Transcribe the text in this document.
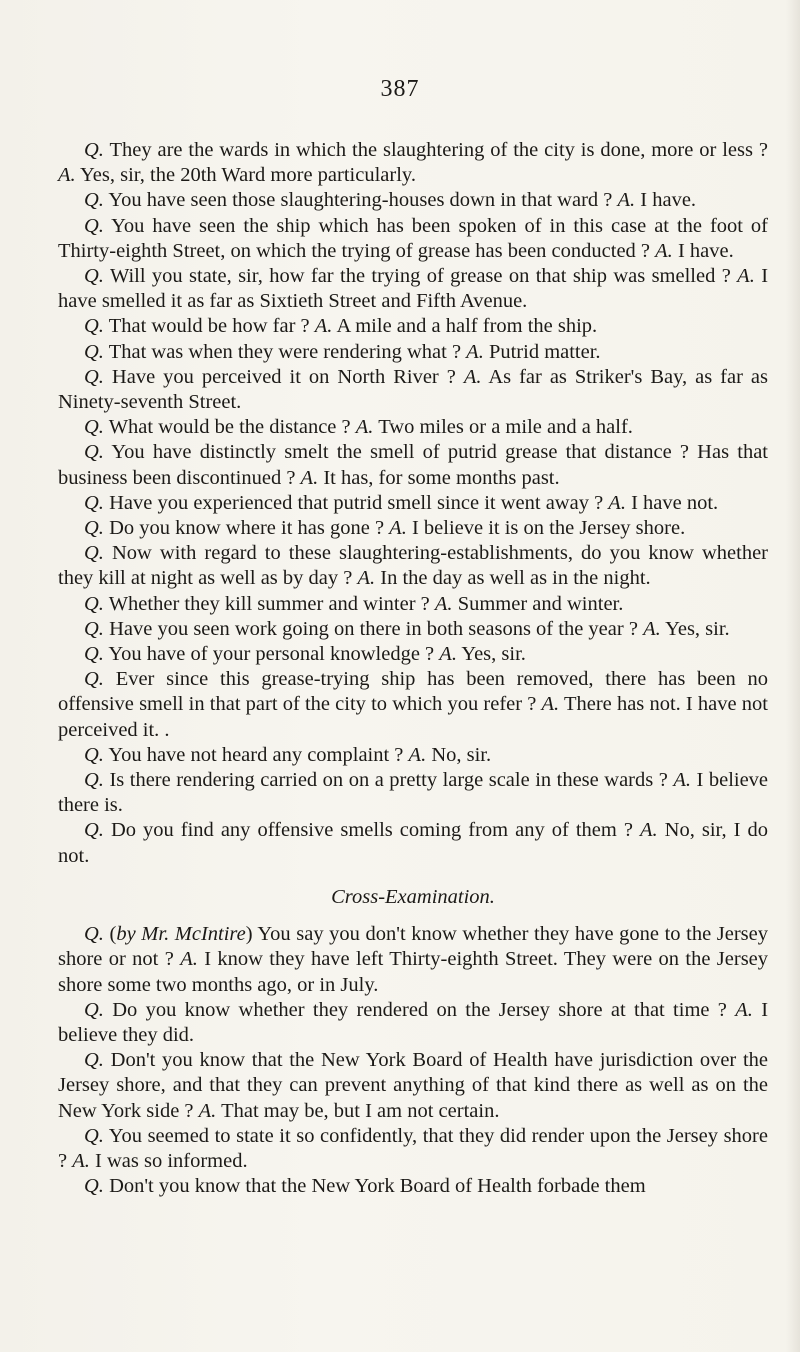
387

Q. They are the wards in which the slaughtering of the city is done, more or less ? A. Yes, sir, the 20th Ward more particularly.

Q. You have seen those slaughtering-houses down in that ward ? A. I have.

Q. You have seen the ship which has been spoken of in this case at the foot of Thirty-eighth Street, on which the trying of grease has been conducted ? A. I have.

Q. Will you state, sir, how far the trying of grease on that ship was smelled ? A. I have smelled it as far as Sixtieth Street and Fifth Avenue.

Q. That would be how far ? A. A mile and a half from the ship.

Q. That was when they were rendering what ? A. Putrid matter.

Q. Have you perceived it on North River ? A. As far as Striker's Bay, as far as Ninety-seventh Street.

Q. What would be the distance ? A. Two miles or a mile and a half.

Q. You have distinctly smelt the smell of putrid grease that distance ? Has that business been discontinued ? A. It has, for some months past.

Q. Have you experienced that putrid smell since it went away ? A. I have not.

Q. Do you know where it has gone ? A. I believe it is on the Jersey shore.

Q. Now with regard to these slaughtering-establishments, do you know whether they kill at night as well as by day ? A. In the day as well as in the night.

Q. Whether they kill summer and winter ? A. Summer and winter.

Q. Have you seen work going on there in both seasons of the year ? A. Yes, sir.

Q. You have of your personal knowledge ? A. Yes, sir.

Q. Ever since this grease-trying ship has been removed, there has been no offensive smell in that part of the city to which you refer ? A. There has not. I have not perceived it. .

Q. You have not heard any complaint ? A. No, sir.

Q. Is there rendering carried on on a pretty large scale in these wards ? A. I believe there is.

Q. Do you find any offensive smells coming from any of them ? A. No, sir, I do not.

Cross-Examination.

Q. (by Mr. McIntire) You say you don't know whether they have gone to the Jersey shore or not ? A. I know they have left Thirty-eighth Street. They were on the Jersey shore some two months ago, or in July.

Q. Do you know whether they rendered on the Jersey shore at that time ? A. I believe they did.

Q. Don't you know that the New York Board of Health have jurisdiction over the Jersey shore, and that they can prevent anything of that kind there as well as on the New York side ? A. That may be, but I am not certain.

Q. You seemed to state it so confidently, that they did render upon the Jersey shore ? A. I was so informed.

Q. Don't you know that the New York Board of Health forbade them
